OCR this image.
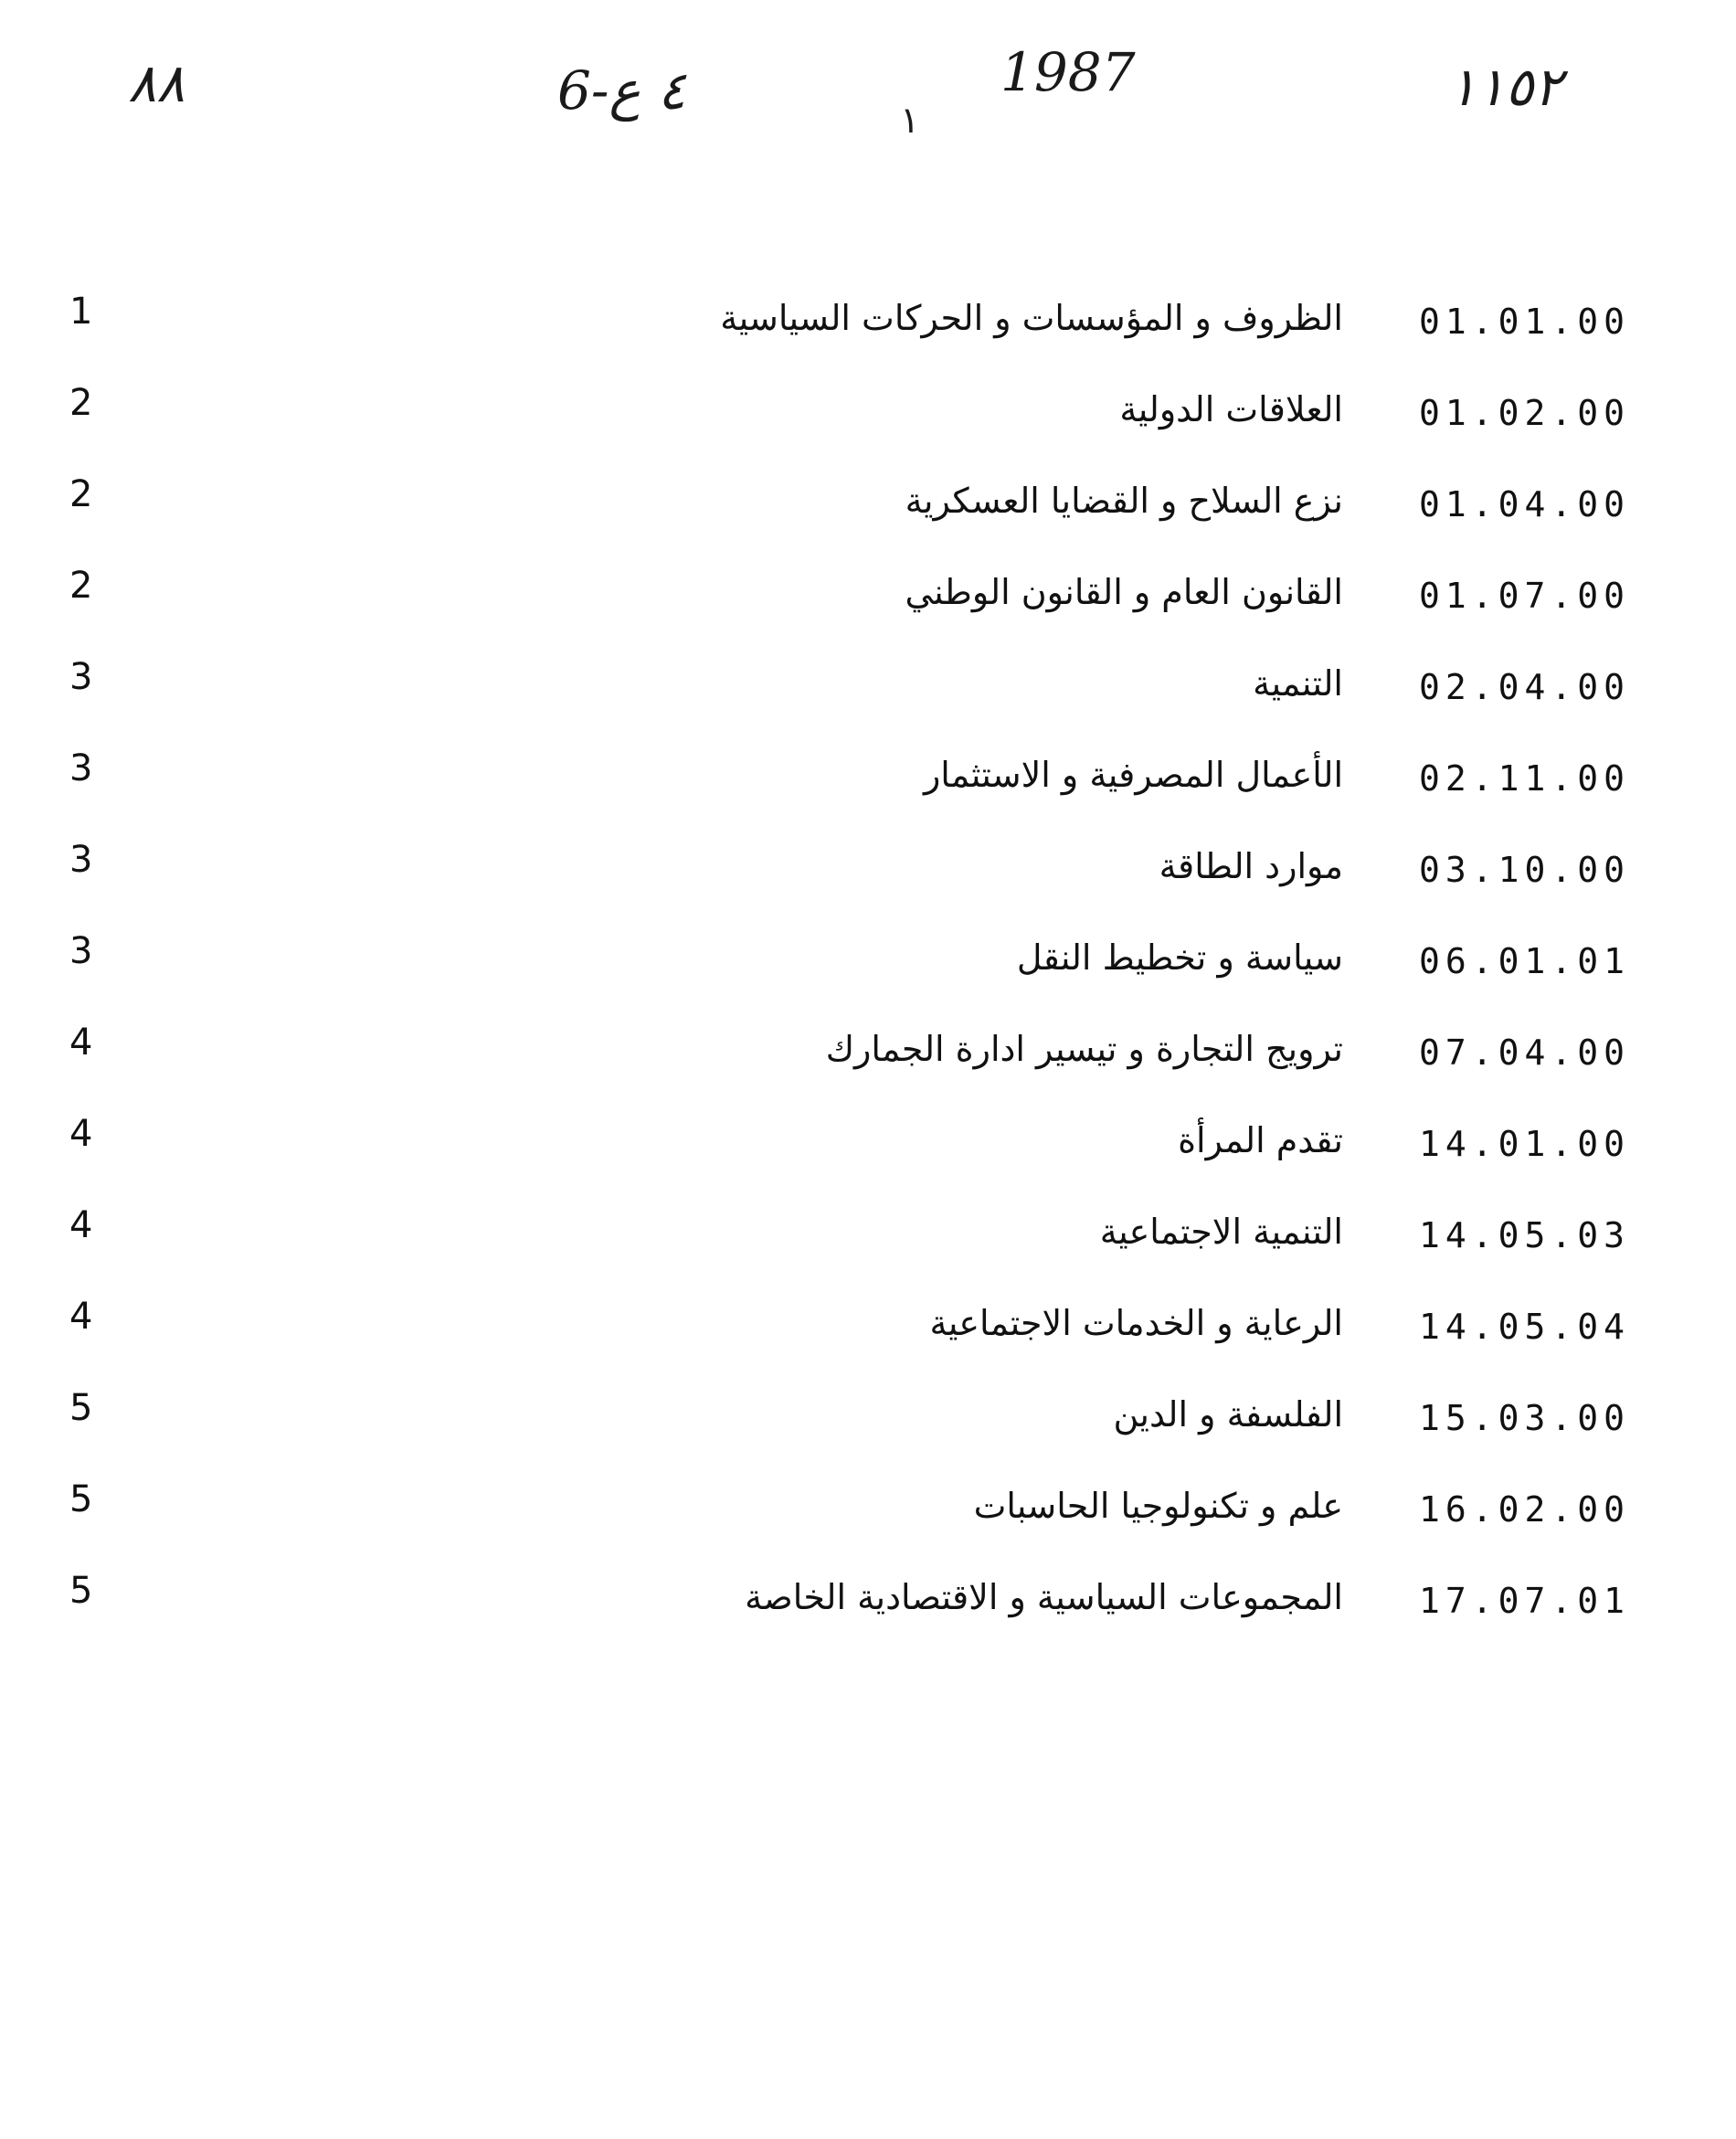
٨٨	6-٤ ع	1987	١١٥٢
١
1	الظروف و المؤسسات و الحركات السياسية 01.01.00
2	العلاقات الدولية 01.02.00
2	نزع السلاح و القضايا العسكرية 01.04.00
2	القانون العام و القانون الوطني 01.07.00
3	التنمية 02.04.00
3	الأعمال المصرفية و الاستثمار 02.11.00
3	موارد الطاقة 03.10.00
3	سياسة و تخطيط النقل 06.01.01
4	ترويج التجارة و تيسير ادارة الجمارك 07.04.00
4	تقدم المرأة 14.01.00
4	التنمية الاجتماعية 14.05.03
4	الرعاية و الخدمات الاجتماعية 14.05.04
5	الفلسفة و الدين 15.03.00
5	علم و تكنولوجيا الحاسبات 16.02.00
5	المجموعات السياسية و الاقتصادية الخاصة 17.07.01
